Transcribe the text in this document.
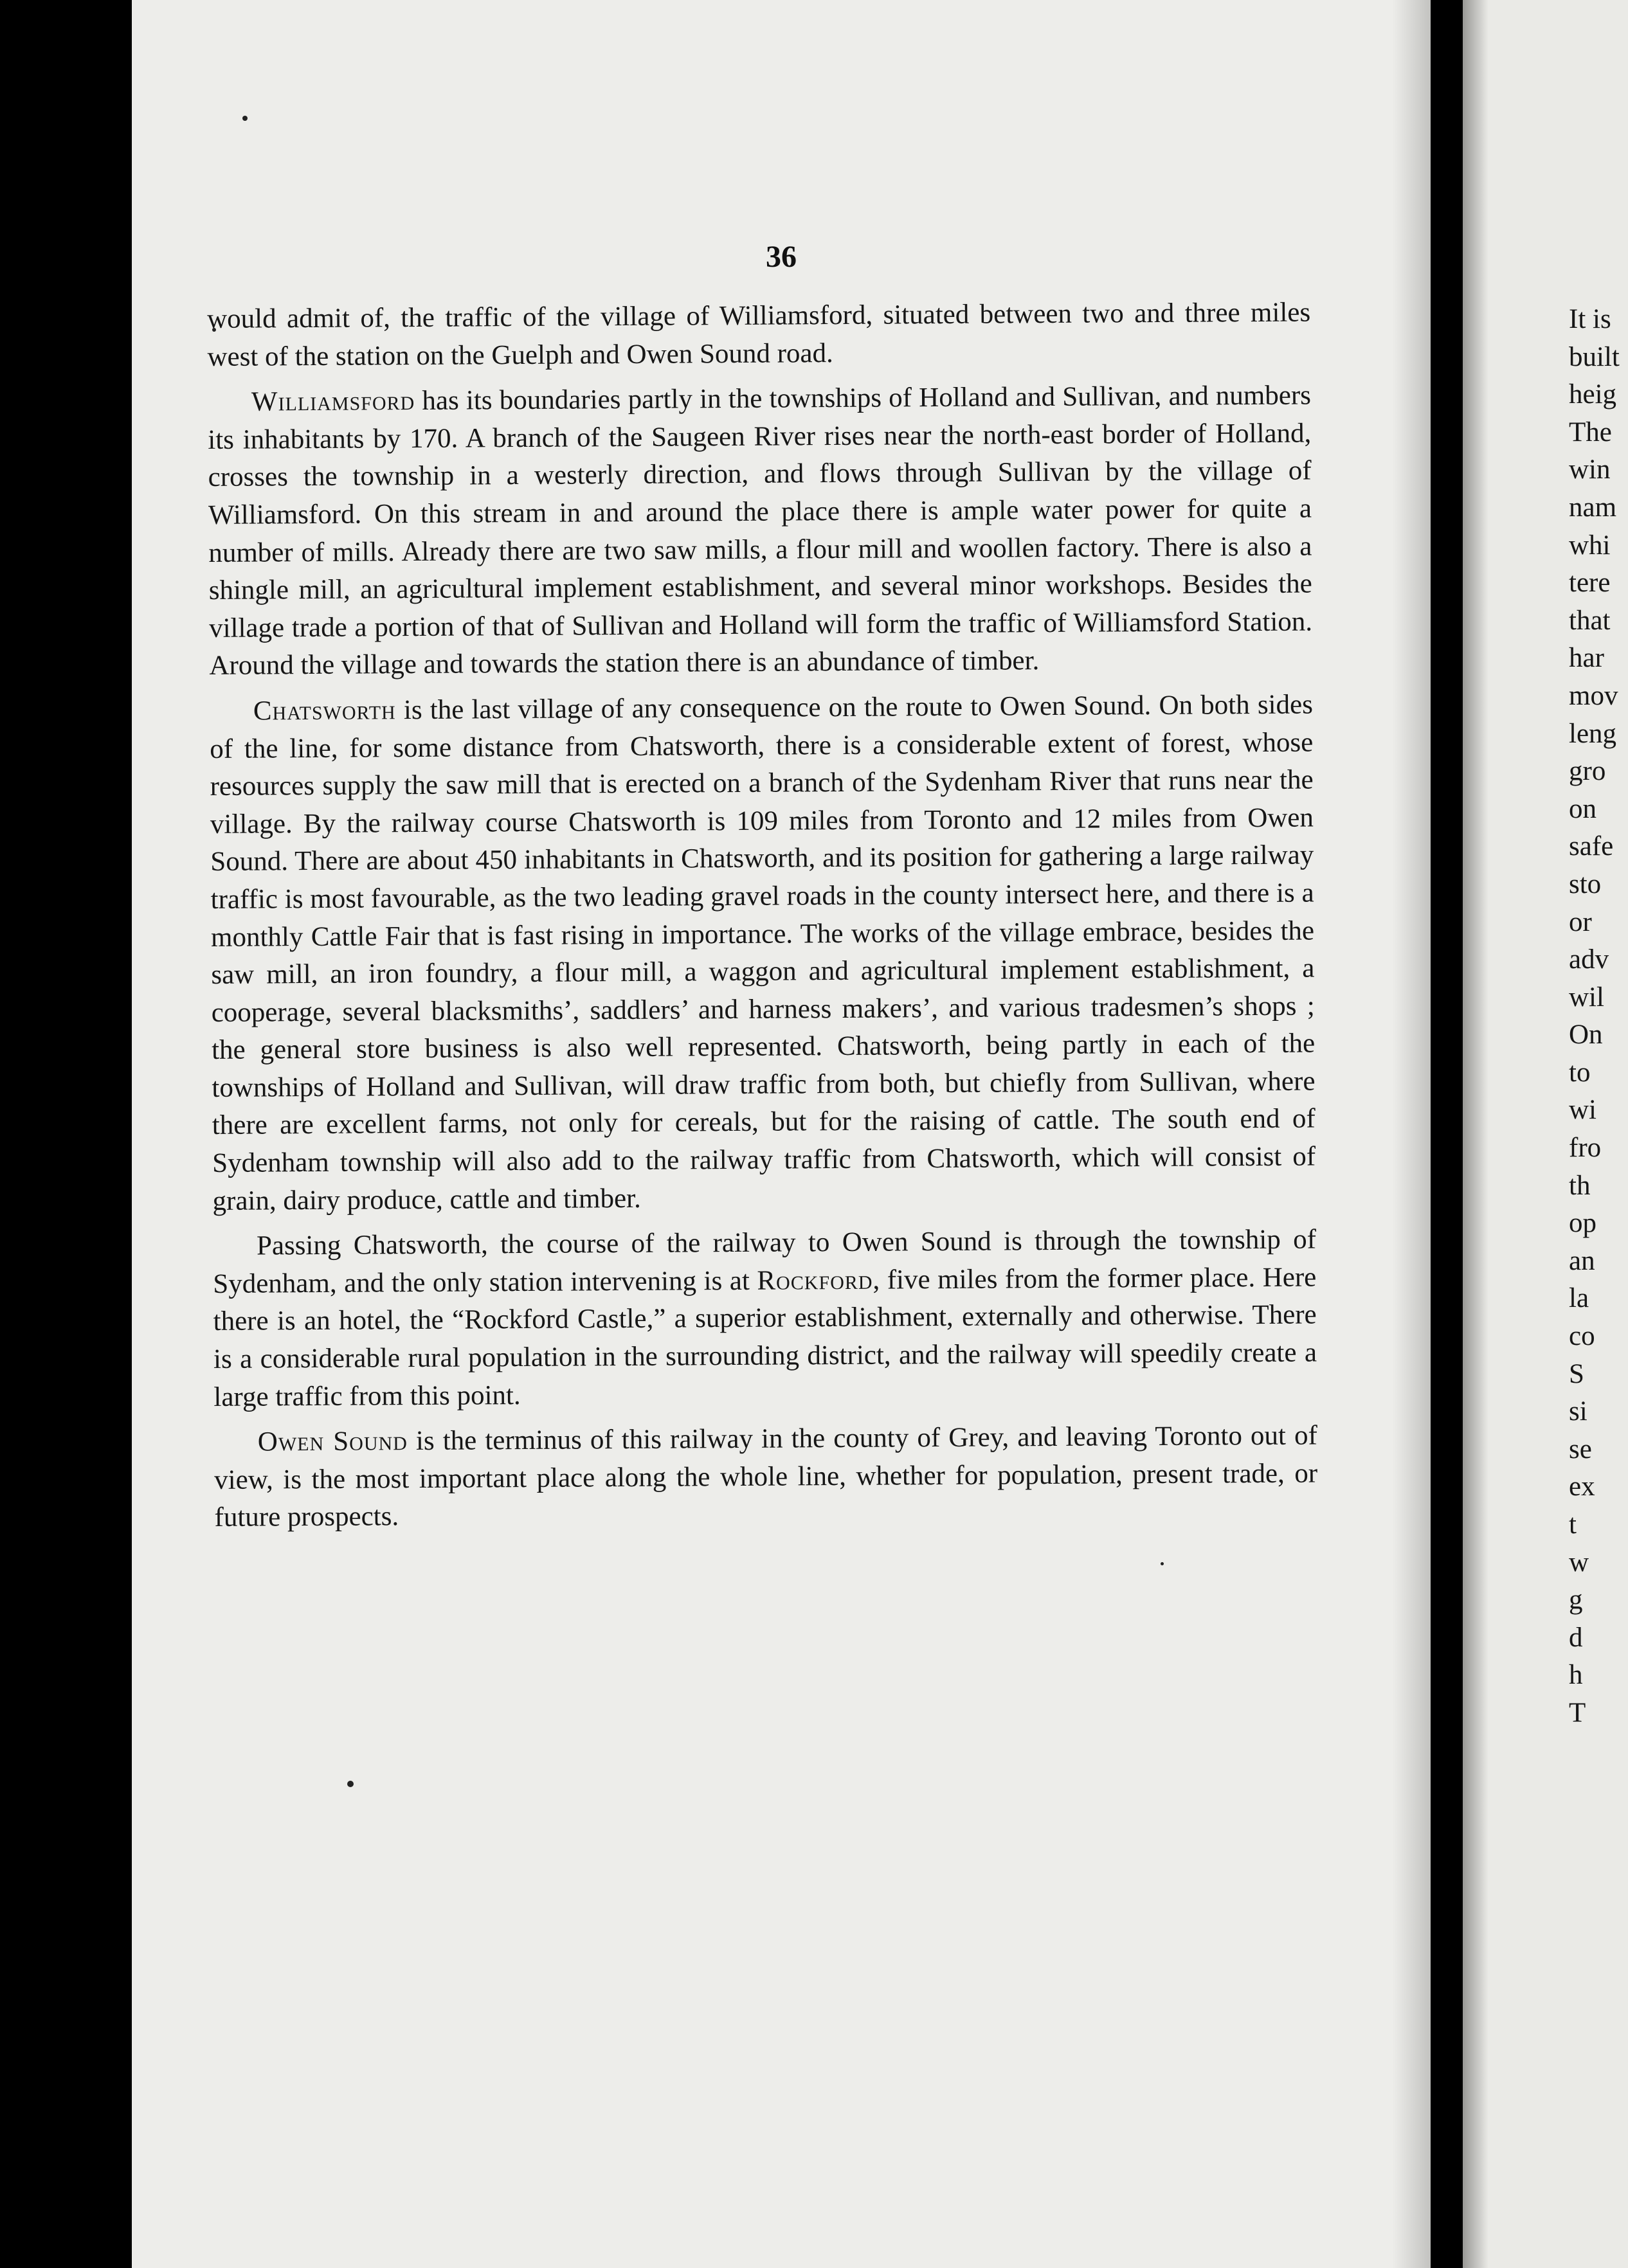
36

would admit of, the traffic of the village of Williamsford, situated between two and three miles west of the station on the Guelph and Owen Sound road.

Williamsford has its boundaries partly in the townships of Holland and Sullivan, and numbers its inhabitants by 170. A branch of the Saugeen River rises near the north-east border of Holland, crosses the township in a westerly direction, and flows through Sullivan by the village of Williamsford. On this stream in and around the place there is ample water power for quite a number of mills. Already there are two saw mills, a flour mill and woollen factory. There is also a shingle mill, an agricultural implement establishment, and several minor workshops. Besides the village trade a portion of that of Sullivan and Holland will form the traffic of Williamsford Station. Around the village and towards the station there is an abundance of timber.

Chatsworth is the last village of any consequence on the route to Owen Sound. On both sides of the line, for some distance from Chatsworth, there is a considerable extent of forest, whose resources supply the saw mill that is erected on a branch of the Sydenham River that runs near the village. By the railway course Chatsworth is 109 miles from Toronto and 12 miles from Owen Sound. There are about 450 inhabitants in Chatsworth, and its position for gathering a large railway traffic is most favourable, as the two leading gravel roads in the county intersect here, and there is a monthly Cattle Fair that is fast rising in importance. The works of the village embrace, besides the saw mill, an iron foundry, a flour mill, a waggon and agricultural implement establishment, a cooperage, several blacksmiths’, saddlers’ and harness makers’, and various tradesmen’s shops ; the general store business is also well represented. Chatsworth, being partly in each of the townships of Holland and Sullivan, will draw traffic from both, but chiefly from Sullivan, where there are excellent farms, not only for cereals, but for the raising of cattle. The south end of Sydenham township will also add to the railway traffic from Chatsworth, which will consist of grain, dairy produce, cattle and timber.

Passing Chatsworth, the course of the railway to Owen Sound is through the township of Sydenham, and the only station intervening is at Rockford, five miles from the former place. Here there is an hotel, the “Rockford Castle,” a superior establishment, externally and otherwise. There is a considerable rural population in the surrounding district, and the railway will speedily create a large traffic from this point.

Owen Sound is the terminus of this railway in the county of Grey, and leaving Toronto out of view, is the most important place along the whole line, whether for population, present trade, or future prospects.

It is
built
heig
The
win
nam
whi
tere
that
har
mov
leng
gro
on
safe
sto
or
adv
wil
On
to
wi
fro
th
op
an
la
co
S
si
se
ex
t
w
g
d
h
T
